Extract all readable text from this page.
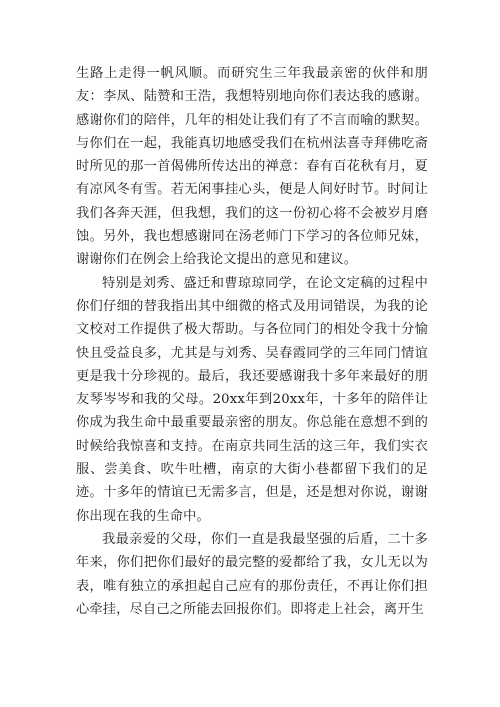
生路上走得一帆风顺。而研究生三年我最亲密的伙伴和朋友：李凤、陆赞和王浩，我想特别地向你们表达我的感谢。感谢你们的陪伴，几年的相处让我们有了不言而喻的默契。与你们在一起，我能真切地感受我们在杭州法喜寺拜佛吃斋时所见的那一首偈佛所传达出的禅意：春有百花秋有月，夏有凉风冬有雪。若无闲事挂心头，便是人间好时节。时间让我们各奔天涯，但我想，我们的这一份初心将不会被岁月磨蚀。另外，我也想感谢同在汤老师门下学习的各位师兄妹，谢谢你们在例会上给我论文提出的意见和建议。

特别是刘秀、盛迁和曹琼琼同学，在论文定稿的过程中你们仔细的替我指出其中细微的格式及用词错误，为我的论文校对工作提供了极大帮助。与各位同门的相处令我十分愉快且受益良多，尤其是与刘秀、吴春霞同学的三年同门情谊更是我十分珍视的。最后，我还要感谢我十多年来最好的朋友琴岑岑和我的父母。20xx年到20xx年，十多年的陪伴让你成为我生命中最重要最亲密的朋友。你总能在意想不到的时候给我惊喜和支持。在南京共同生活的这三年，我们实衣服、尝美食、吹牛吐槽，南京的大街小巷都留下我们的足迹。十多年的情谊已无需多言，但是，还是想对你说，谢谢你出现在我的生命中。

我最亲爱的父母，你们一直是我最坚强的后盾，二十多年来，你们把你们最好的最完整的爱都给了我，女儿无以为表，唯有独立的承担起自己应有的那份责任，不再让你们担心牵挂，尽自己之所能去回报你们。即将走上社会，离开生
